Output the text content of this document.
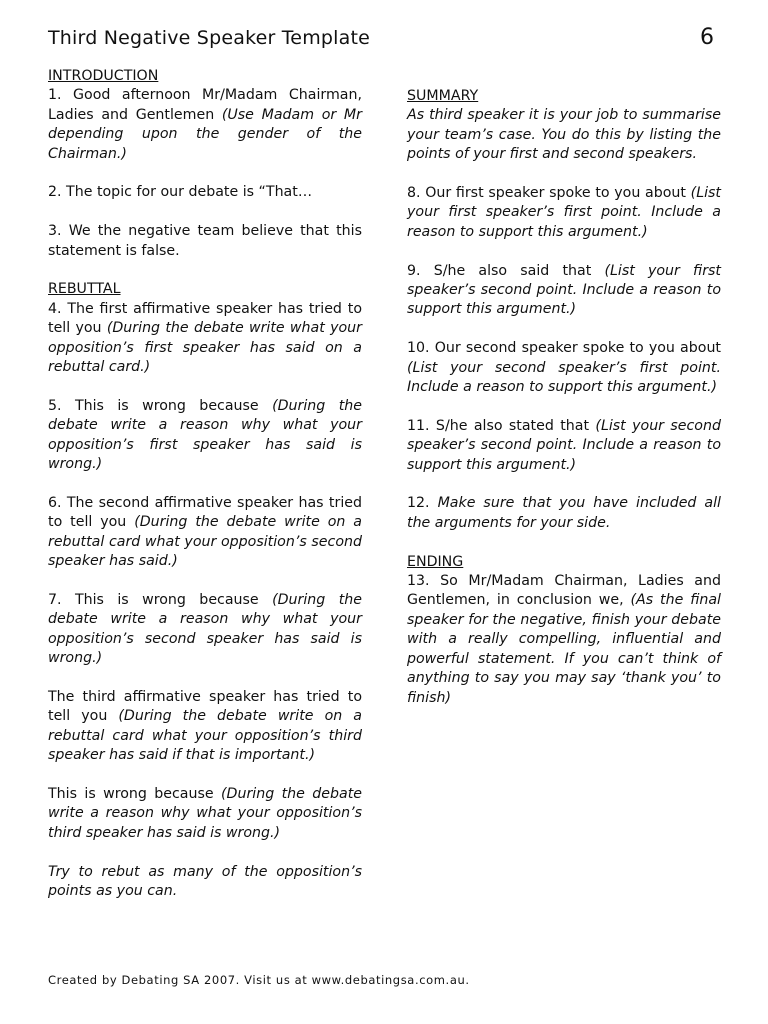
Third Negative Speaker Template	6

INTRODUCTION
1. Good afternoon Mr/Madam Chairman, Ladies and Gentlemen (Use Madam or Mr depending upon the gender of the Chairman.)

2. The topic for our debate is “That…

3. We the negative team believe that this statement is false.

REBUTTAL
4. The first affirmative speaker has tried to tell you (During the debate write what your opposition’s first speaker has said on a rebuttal card.)

5. This is wrong because (During the debate write a reason why what your opposition’s first speaker has said is wrong.)

6. The second affirmative speaker has tried to tell you (During the debate write on a rebuttal card what your opposition’s second speaker has said.)

7. This is wrong because (During the debate write a reason why what your opposition’s second speaker has said is wrong.)

The third affirmative speaker has tried to tell you (During the debate write on a rebuttal card what your opposition’s third speaker has said if that is important.)

This is wrong because (During the debate write a reason why what your opposition’s third speaker has said is wrong.)

Try to rebut as many of the opposition’s points as you can.

SUMMARY
As third speaker it is your job to summarise your team’s case. You do this by listing the points of your first and second speakers.

8. Our first speaker spoke to you about (List your first speaker’s first point. Include a reason to support this argument.)

9. S/he also said that (List your first speaker’s second point. Include a reason to support this argument.)

10. Our second speaker spoke to you about (List your second speaker’s first point. Include a reason to support this argument.)

11. S/he also stated that (List your second speaker’s second point. Include a reason to support this argument.)

12. Make sure that you have included all the arguments for your side.

ENDING
13. So Mr/Madam Chairman, Ladies and Gentlemen, in conclusion we, (As the final speaker for the negative, finish your debate with a really compelling, influential and powerful statement. If you can’t think of anything to say you may say ‘thank you’ to finish)

Created by Debating SA 2007. Visit us at www.debatingsa.com.au.
